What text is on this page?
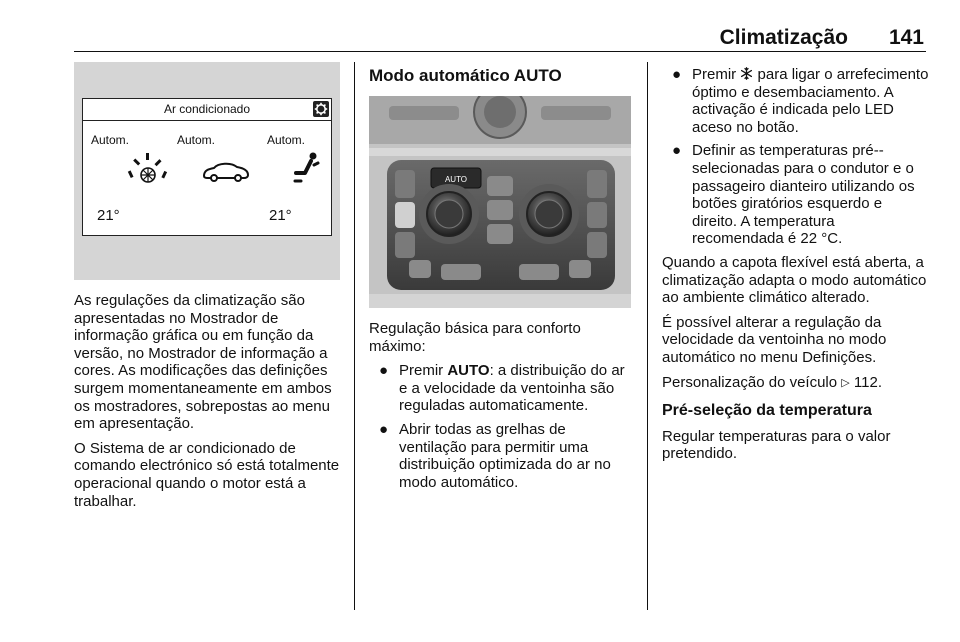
Climatização	141
Ar condicionado
Autom.	Autom.	Autom.
21°	21°

As regulações da climatização são apresentadas no Mostrador de informação gráfica ou em função da versão, no Mostrador de informação a cores. As modificações das definições surgem momentaneamente em ambos os mostradores, sobrepostas ao menu em apresentação.

O Sistema de ar condicionado de comando electrónico só está totalmente operacional quando o motor está a trabalhar.

Modo automático AUTO
AUTO

Regulação básica para conforto máximo:

● Premir AUTO: a distribuição do ar e a velocidade da ventoinha são reguladas automaticamente.
● Abrir todas as grelhas de ventilação para permitir uma distribuição optimizada do ar no modo automático.
● Premir
para ligar o arrefecimento óptimo e desembaciamento. A activação é indicada pelo LED aceso no botão.
● Definir as temperaturas pré--selecionadas para o condutor e o passageiro dianteiro utilizando os botões giratórios esquerdo e direito. A temperatura recomendada é 22 °C.

Quando a capota flexível está aberta, a climatização adapta o modo automático ao ambiente climático alterado.

É possível alterar a regulação da velocidade da ventoinha no modo automático no menu Definições.

Personalização do veículo ▷ 112.

Pré-seleção da temperatura

Regular temperaturas para o valor pretendido.
